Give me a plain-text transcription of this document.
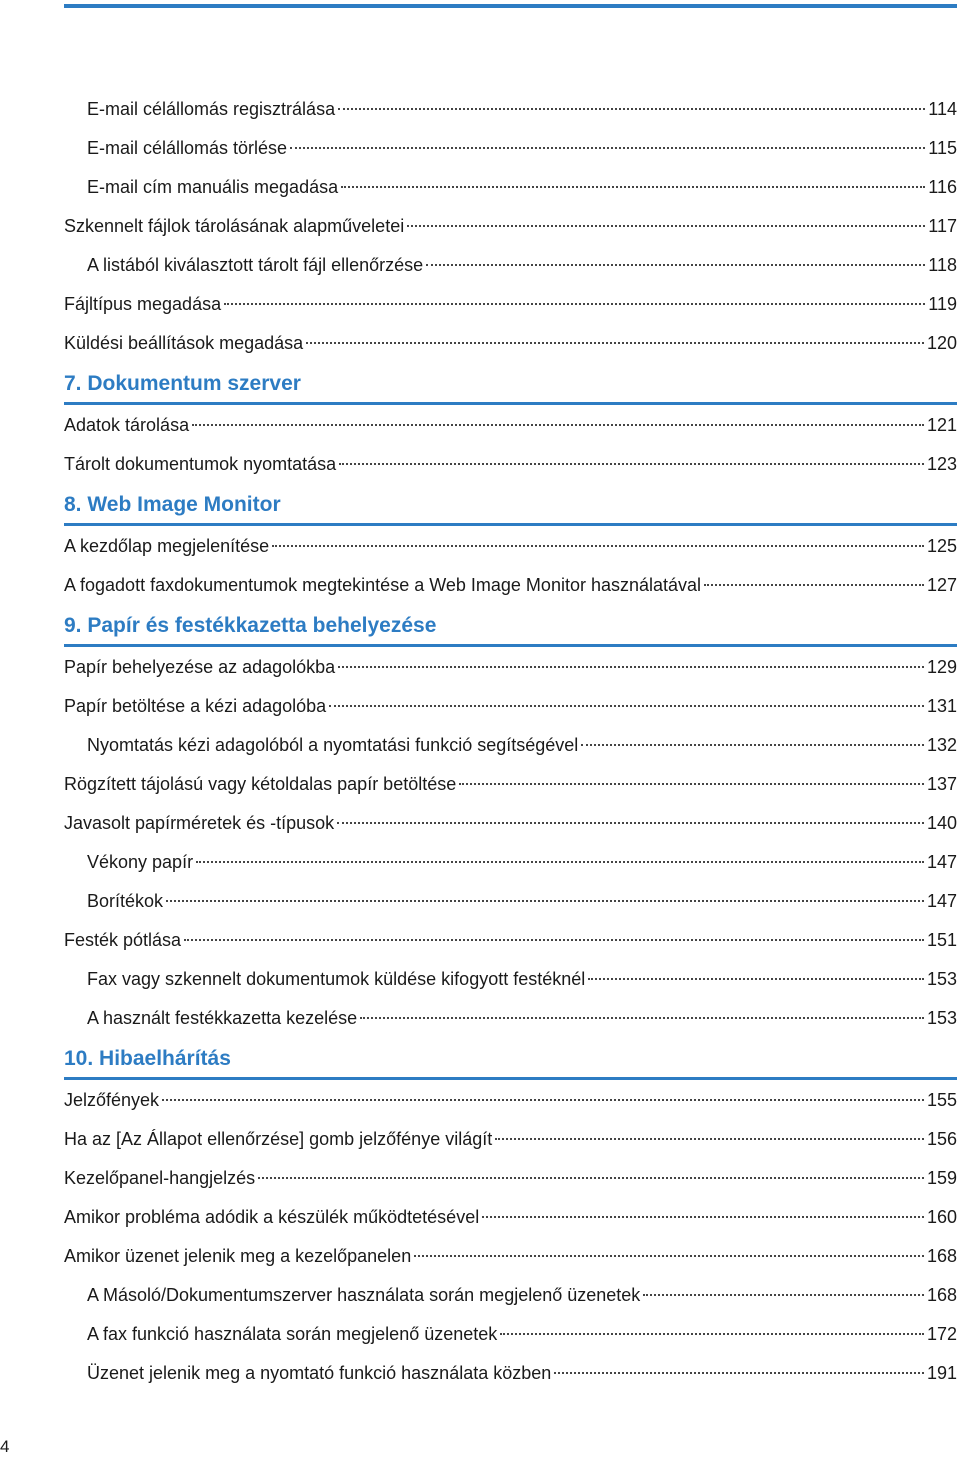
E-mail célállomás regisztrálása	114
E-mail célállomás törlése	115
E-mail cím manuális megadása	116
Szkennelt fájlok tárolásának alapműveletei	117
A listából kiválasztott tárolt fájl ellenőrzése	118
Fájltípus megadása	119
Küldési beállítások megadása	120
7. Dokumentum szerver
Adatok tárolása	121
Tárolt dokumentumok nyomtatása	123
8. Web Image Monitor
A kezdőlap megjelenítése	125
A fogadott faxdokumentumok megtekintése a Web Image Monitor használatával	127
9. Papír és festékkazetta behelyezése
Papír behelyezése az adagolókba	129
Papír betöltése a kézi adagolóba	131
Nyomtatás kézi adagolóból a nyomtatási funkció segítségével	132
Rögzített tájolású vagy kétoldalas papír betöltése	137
Javasolt papírméretek és -típusok	140
Vékony papír	147
Borítékok	147
Festék pótlása	151
Fax vagy szkennelt dokumentumok küldése kifogyott festéknél	153
A használt festékkazetta kezelése	153
10. Hibaelhárítás
Jelzőfények	155
Ha az [Az Állapot ellenőrzése] gomb jelzőfénye világít	156
Kezelőpanel-hangjelzés	159
Amikor probléma adódik a készülék működtetésével	160
Amikor üzenet jelenik meg a kezelőpanelen	168
A Másoló/Dokumentumszerver használata során megjelenő üzenetek	168
A fax funkció használata során megjelenő üzenetek	172
Üzenet jelenik meg a nyomtató funkció használata közben	191
4
